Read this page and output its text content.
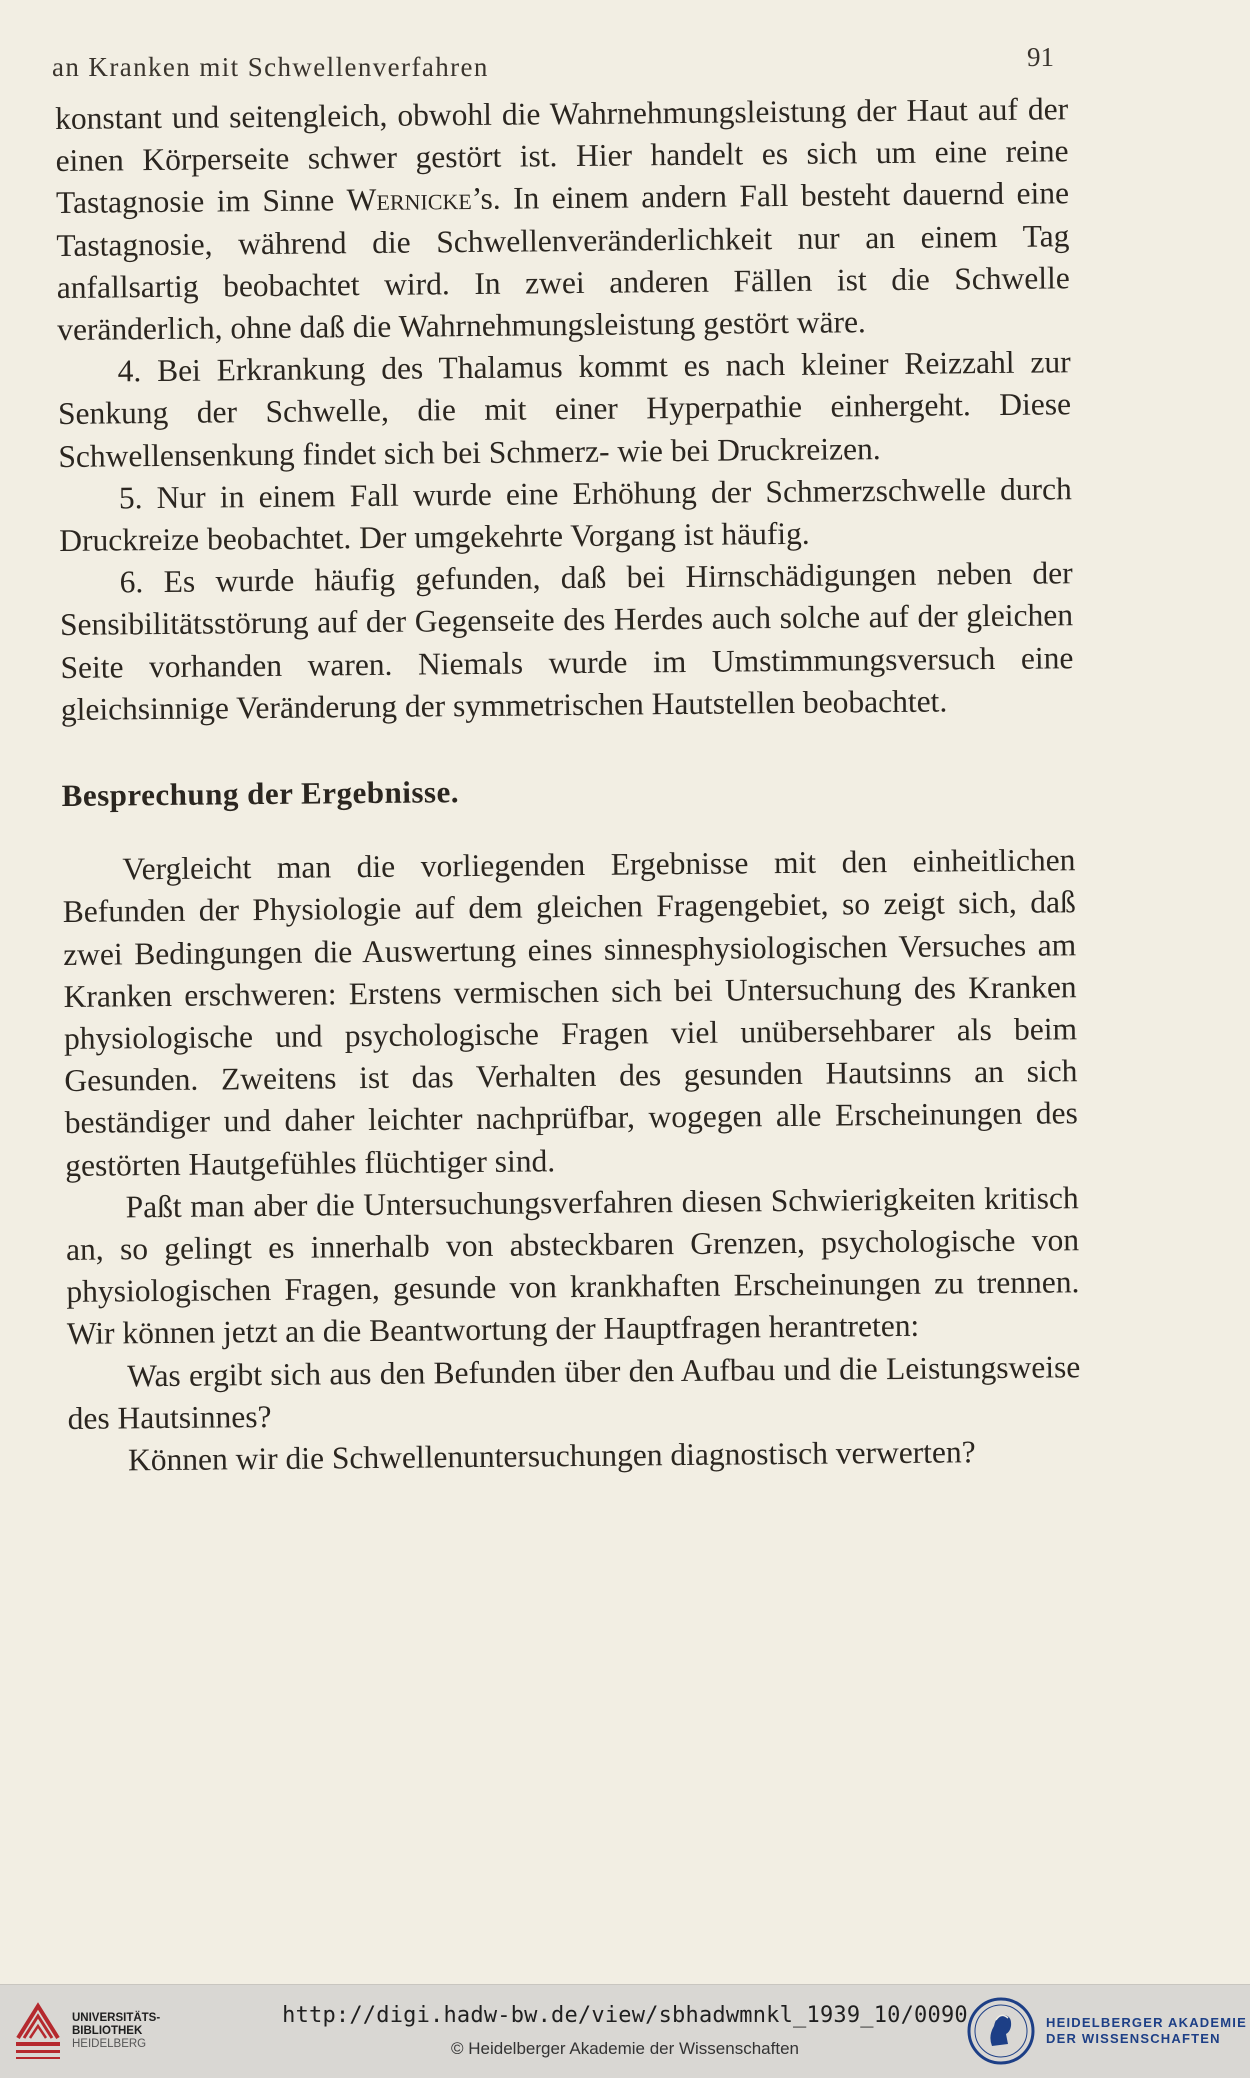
an Kranken mit Schwellenverfahren	91

konstant und seitengleich, obwohl die Wahrnehmungsleistung der Haut auf der einen Körperseite schwer gestört ist. Hier handelt es sich um eine reine Tastagnosie im Sinne Wernicke’s. In einem andern Fall besteht dauernd eine Tastagnosie, während die Schwellenveränderlichkeit nur an einem Tag anfallsartig beobachtet wird. In zwei anderen Fällen ist die Schwelle veränderlich, ohne daß die Wahrnehmungsleistung gestört wäre.

4. Bei Erkrankung des Thalamus kommt es nach kleiner Reizzahl zur Senkung der Schwelle, die mit einer Hyperpathie einhergeht. Diese Schwellensenkung findet sich bei Schmerz- wie bei Druckreizen.

5. Nur in einem Fall wurde eine Erhöhung der Schmerzschwelle durch Druckreize beobachtet. Der umgekehrte Vorgang ist häufig.

6. Es wurde häufig gefunden, daß bei Hirnschädigungen neben der Sensibilitätsstörung auf der Gegenseite des Herdes auch solche auf der gleichen Seite vorhanden waren. Niemals wurde im Umstimmungsversuch eine gleichsinnige Veränderung der symmetrischen Hautstellen beobachtet.

Besprechung der Ergebnisse.

Vergleicht man die vorliegenden Ergebnisse mit den einheitlichen Befunden der Physiologie auf dem gleichen Fragengebiet, so zeigt sich, daß zwei Bedingungen die Auswertung eines sinnesphysiologischen Versuches am Kranken erschweren: Erstens vermischen sich bei Untersuchung des Kranken physiologische und psychologische Fragen viel unübersehbarer als beim Gesunden. Zweitens ist das Verhalten des gesunden Hautsinns an sich beständiger und daher leichter nachprüfbar, wogegen alle Erscheinungen des gestörten Hautgefühles flüchtiger sind.

Paßt man aber die Untersuchungsverfahren diesen Schwierigkeiten kritisch an, so gelingt es innerhalb von absteckbaren Grenzen, psychologische von physiologischen Fragen, gesunde von krankhaften Erscheinungen zu trennen. Wir können jetzt an die Beantwortung der Hauptfragen herantreten:

Was ergibt sich aus den Befunden über den Aufbau und die Leistungsweise des Hautsinnes?

Können wir die Schwellenuntersuchungen diagnostisch verwerten?

UNIVERSITÄTS-
BIBLIOTHEK
HEIDELBERG
http://digi.hadw-bw.de/view/sbhadwmnkl_1939_10/0090
© Heidelberger Akademie der Wissenschaften
HEIDELBERGER AKADEMIE
DER WISSENSCHAFTEN
